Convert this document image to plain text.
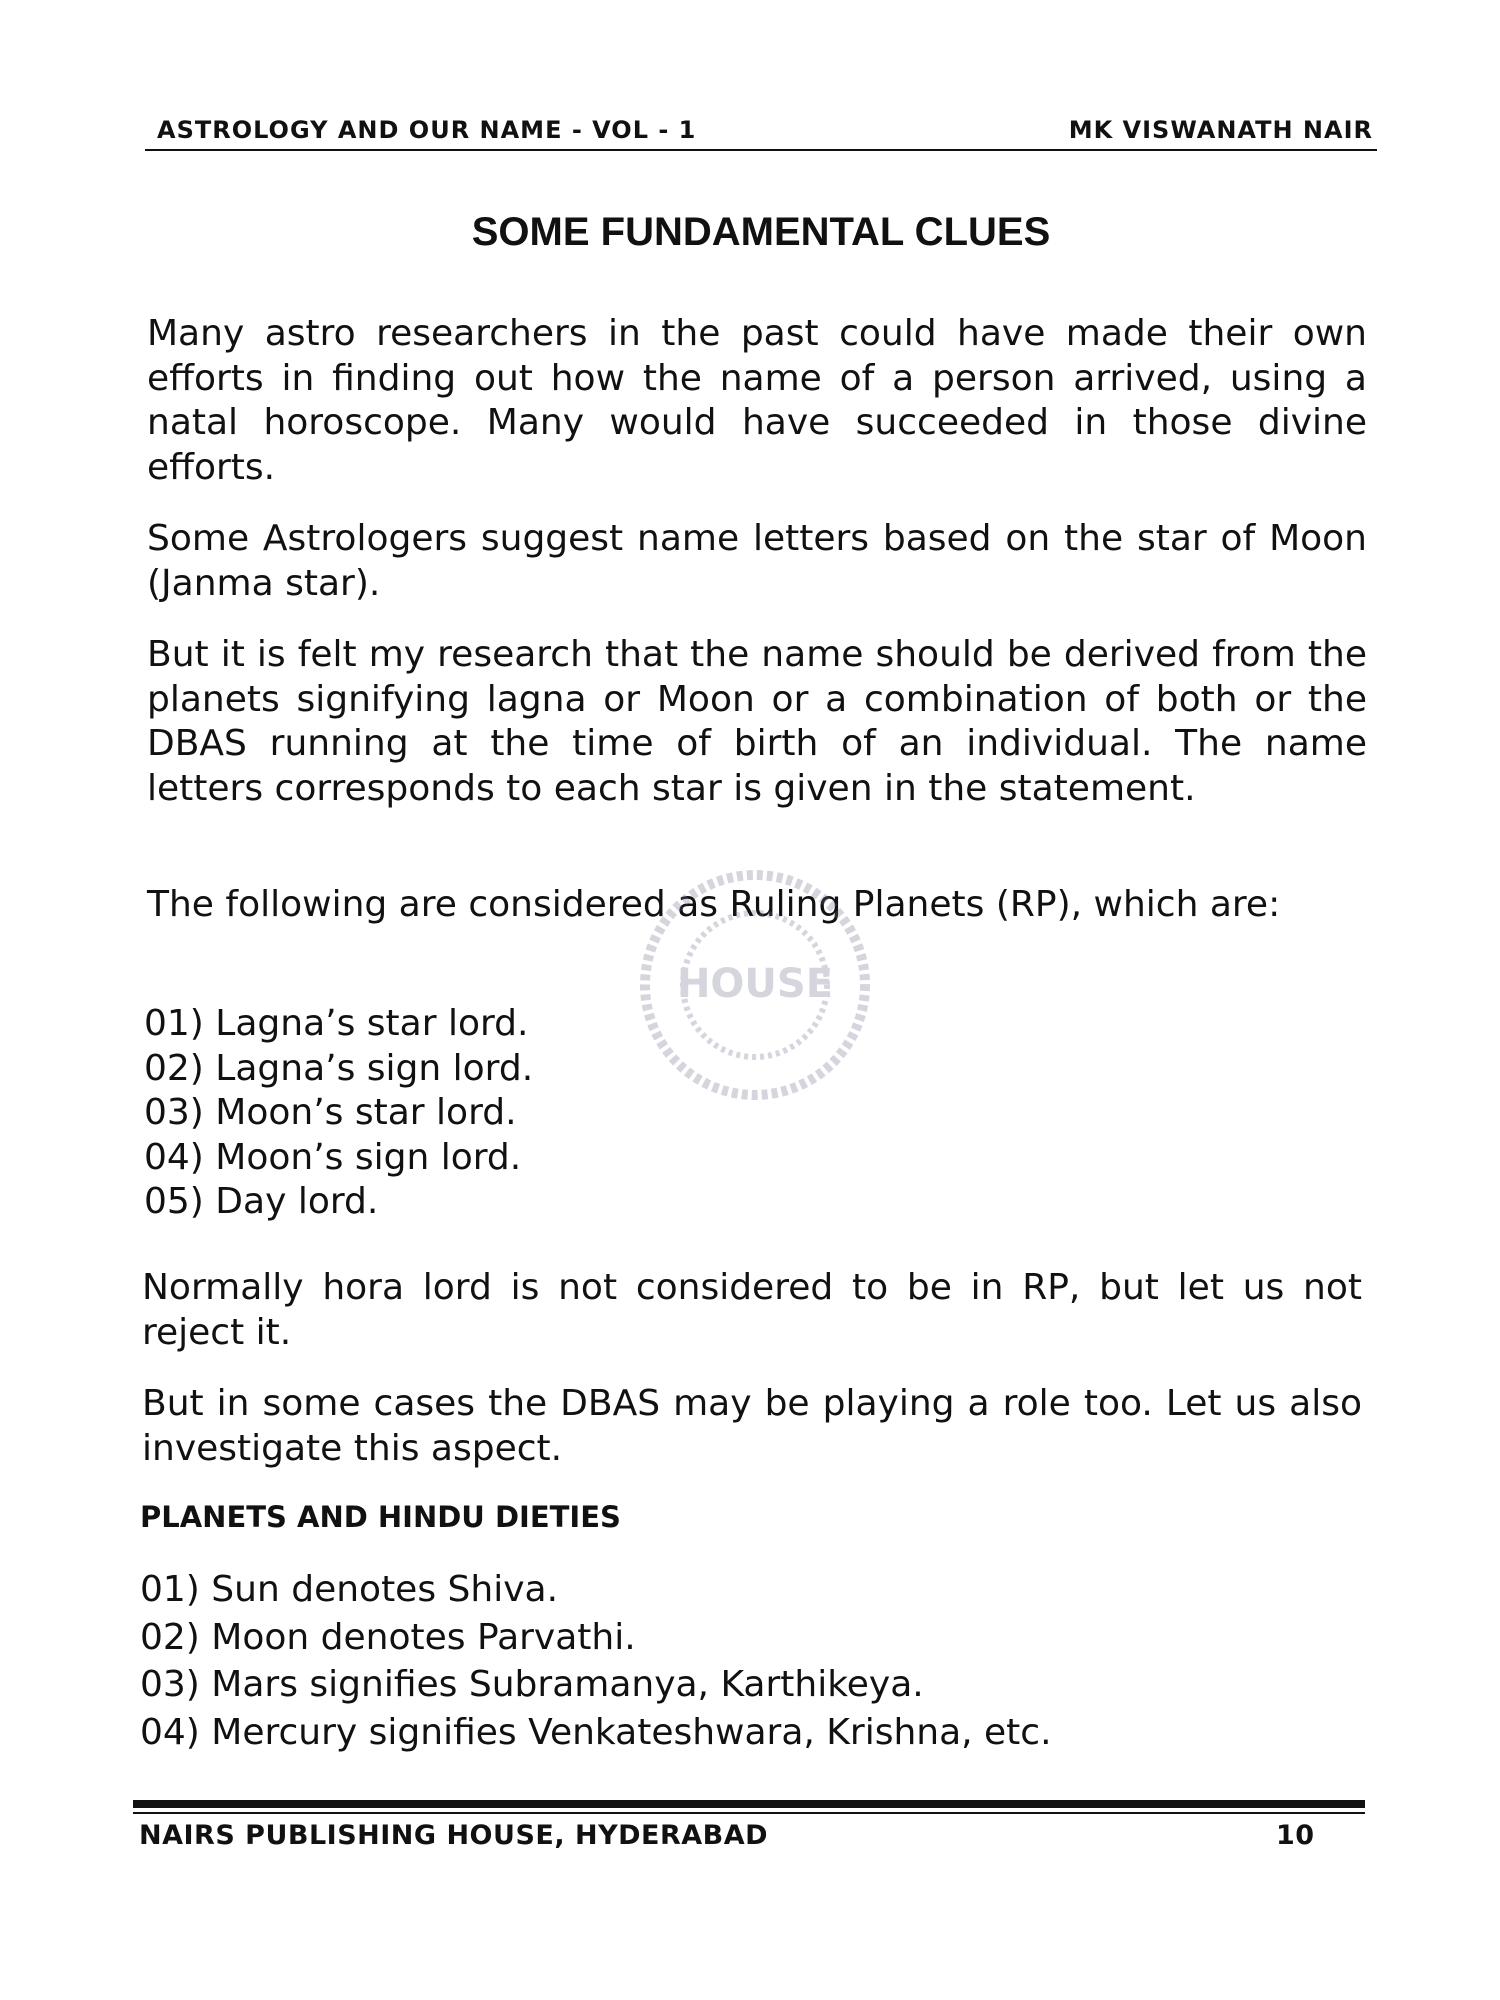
ASTROLOGY AND OUR NAME - VOL - 1	MK VISWANATH NAIR
SOME FUNDAMENTAL CLUES

Many astro researchers in the past could have made their own efforts in finding out how the name of a person arrived, using a natal horoscope. Many would have succeeded in those divine efforts.

Some Astrologers suggest name letters based on the star of Moon (Janma star).

But it is felt my research that the name should be derived from the planets signifying lagna or Moon or a combination of both or the DBAS running at the time of birth of an individual. The name letters corresponds to each star is given in the statement.

The following are considered as Ruling Planets (RP), which are:

01) Lagna’s star lord.
02) Lagna’s sign lord.
03) Moon’s star lord.
04) Moon’s sign lord.
05) Day lord.
HOUSE

Normally hora lord is not considered to be in RP, but let us not reject it.

But in some cases the DBAS may be playing a role too. Let us also investigate this aspect.

PLANETS AND HINDU DIETIES
01) Sun denotes Shiva.
02) Moon denotes Parvathi.
03) Mars signifies Subramanya, Karthikeya.
04) Mercury signifies Venkateshwara, Krishna, etc.
NAIRS PUBLISHING HOUSE, HYDERABAD	10
